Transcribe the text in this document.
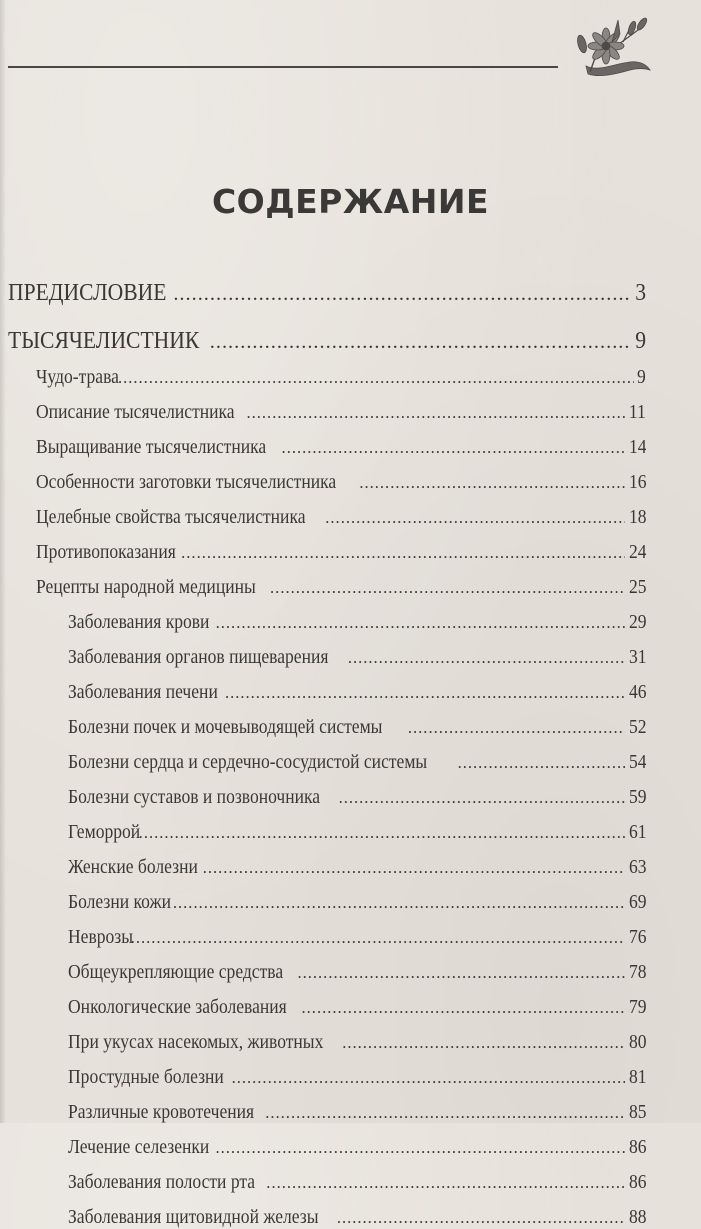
СОДЕРЖАНИЕ
ПРЕДИСЛОВИЕ .....	3
ТЫСЯЧЕЛИСТНИК .....	9
Чудо-трава .....	9
Описание тысячелистника .....	11
Выращивание тысячелистника .....	14
Особенности заготовки тысячелистника .....	16
Целебные свойства тысячелистника .....	18
Противопоказания .....	24
Рецепты народной медицины .....	25
Заболевания крови .....	29
Заболевания органов пищеварения .....	31
Заболевания печени .....	46
Болезни почек и мочевыводящей системы .....	52
Болезни сердца и сердечно-сосудистой системы .....	54
Болезни суставов и позвоночника .....	59
Геморрой .....	61
Женские болезни .....	63
Болезни кожи .....	69
Неврозы .....	76
Общеукрепляющие средства .....	78
Онкологические заболевания .....	79
При укусах насекомых, животных .....	80
Простудные болезни .....	81
Различные кровотечения .....	85
Лечение селезенки .....	86
Заболевания полости рта .....	86
Заболевания щитовидной железы .....	88
